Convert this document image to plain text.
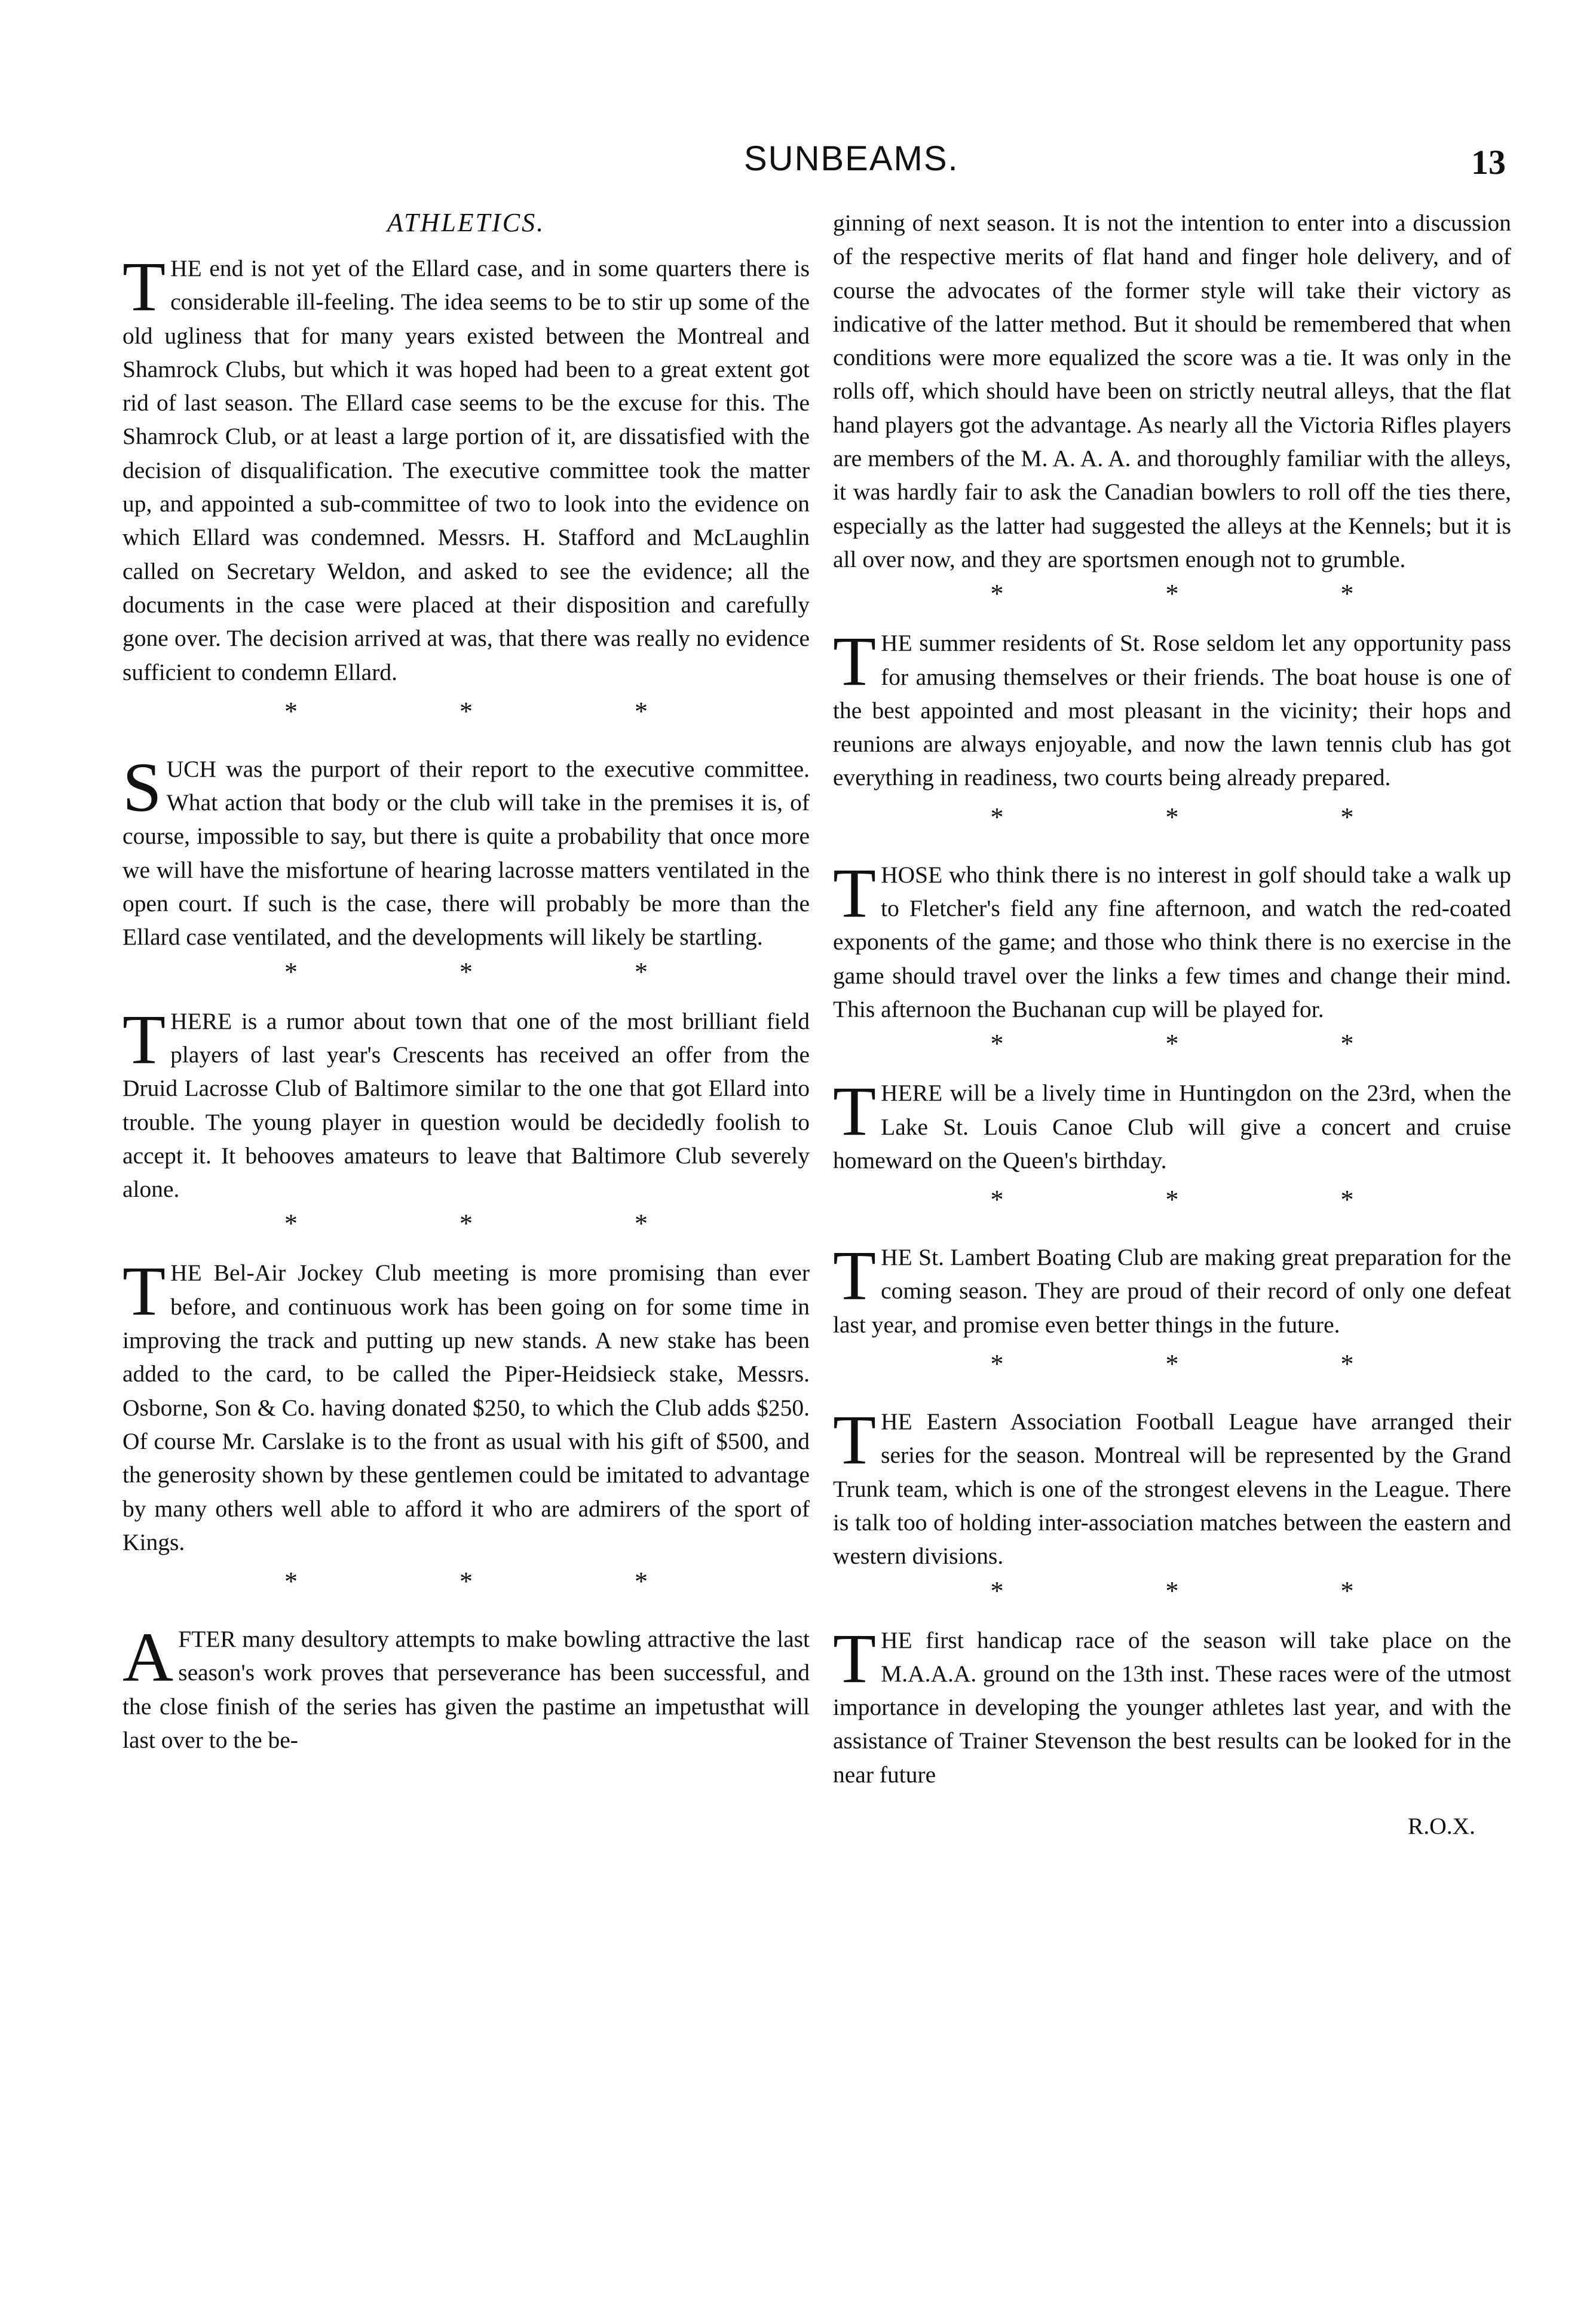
SUNBEAMS.	13
ATHLETICS.
THE end is not yet of the Ellard case, and in some quarters there is considerable ill-feeling. The idea seems to be to stir up some of the old ugliness that for many years existed between the Montreal and Shamrock Clubs, but which it was hoped had been to a great extent got rid of last season. The Ellard case seems to be the excuse for this. The Shamrock Club, or at least a large portion of it, are dissatisfied with the decision of disqualification. The executive committee took the matter up, and appointed a sub-committee of two to look into the evidence on which Ellard was condemned. Messrs. H. Stafford and McLaughlin called on Secretary Weldon, and asked to see the evidence; all the documents in the case were placed at their disposition and carefully gone over. The decision arrived at was, that there was really no evidence sufficient to condemn Ellard.
* * *
SUCH was the purport of their report to the executive committee. What action that body or the club will take in the premises it is, of course, impossible to say, but there is quite a probability that once more we will have the misfortune of hearing lacrosse matters ventilated in the open court. If such is the case, there will probably be more than the Ellard case ventilated, and the developments will likely be startling.
* * *
THERE is a rumor about town that one of the most brilliant field players of last year's Crescents has received an offer from the Druid Lacrosse Club of Baltimore similar to the one that got Ellard into trouble. The young player in question would be decidedly foolish to accept it. It behooves amateurs to leave that Baltimore Club severely alone.
* * *
THE Bel-Air Jockey Club meeting is more promising than ever before, and continuous work has been going on for some time in improving the track and putting up new stands. A new stake has been added to the card, to be called the Piper-Heidsieck stake, Messrs. Osborne, Son & Co. having donated $250, to which the Club adds $250. Of course Mr. Carslake is to the front as usual with his gift of $500, and the generosity shown by these gentlemen could be imitated to advantage by many others well able to afford it who are admirers of the sport of Kings.
* * *
AFTER many desultory attempts to make bowling attractive the last season's work proves that perseverance has been successful, and the close finish of the series has given the pastime an impetusthat will last over to the be-

ginning of next season. It is not the intention to enter into a discussion of the respective merits of flat hand and finger hole delivery, and of course the advocates of the former style will take their victory as indicative of the latter method. But it should be remembered that when conditions were more equalized the score was a tie. It was only in the rolls off, which should have been on strictly neutral alleys, that the flat hand players got the advantage. As nearly all the Victoria Rifles players are members of the M. A. A. A. and thoroughly familiar with the alleys, it was hardly fair to ask the Canadian bowlers to roll off the ties there, especially as the latter had suggested the alleys at the Kennels; but it is all over now, and they are sportsmen enough not to grumble.

* * *
THE summer residents of St. Rose seldom let any opportunity pass for amusing themselves or their friends. The boat house is one of the best appointed and most pleasant in the vicinity; their hops and reunions are always enjoyable, and now the lawn tennis club has got everything in readiness, two courts being already prepared.
* * *
THOSE who think there is no interest in golf should take a walk up to Fletcher's field any fine afternoon, and watch the red-coated exponents of the game; and those who think there is no exercise in the game should travel over the links a few times and change their mind. This afternoon the Buchanan cup will be played for.
* * *
THERE will be a lively time in Huntingdon on the 23rd, when the Lake St. Louis Canoe Club will give a concert and cruise homeward on the Queen's birthday.
* * *
THE St. Lambert Boating Club are making great preparation for the coming season. They are proud of their record of only one defeat last year, and promise even better things in the future.
* * *
THE Eastern Association Football League have arranged their series for the season. Montreal will be represented by the Grand Trunk team, which is one of the strongest elevens in the League. There is talk too of holding inter-association matches between the eastern and western divisions.
* * *
THE first handicap race of the season will take place on the M.A.A.A. ground on the 13th inst. These races were of the utmost importance in developing the younger athletes last year, and with the assistance of Trainer Stevenson the best results can be looked for in the near future
R.O.X.
